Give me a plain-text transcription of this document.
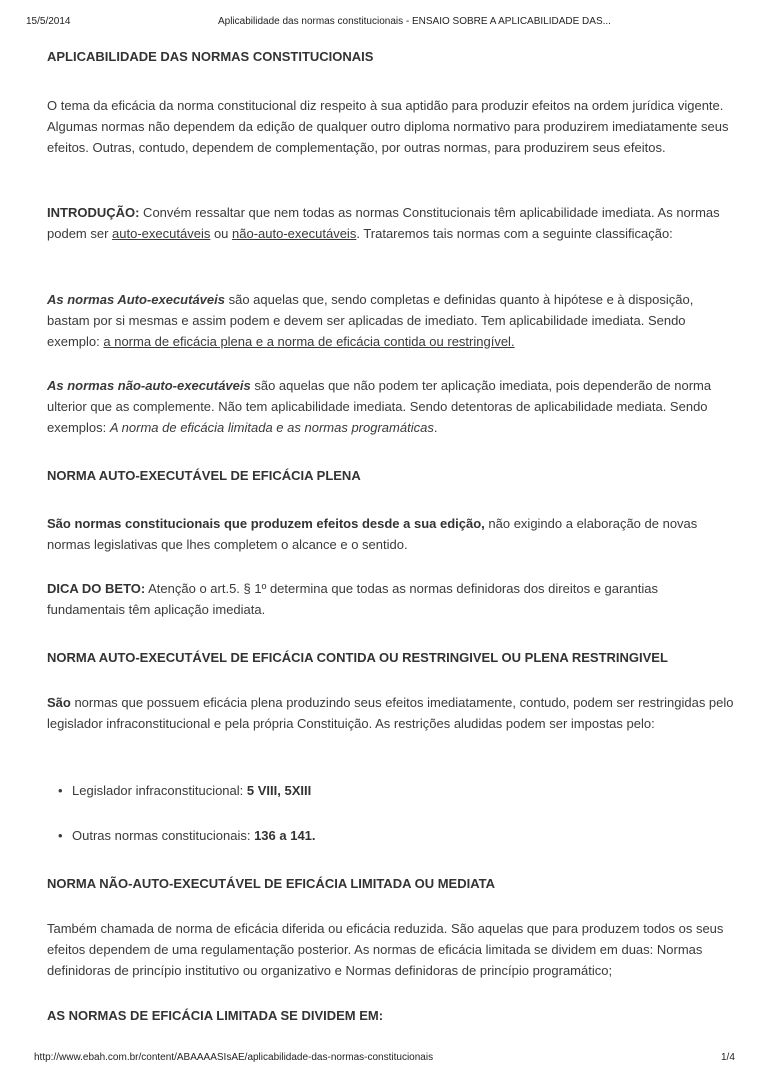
15/5/2014	Aplicabilidade das normas constitucionais - ENSAIO SOBRE A APLICABILIDADE DAS...

APLICABILIDADE DAS NORMAS CONSTITUCIONAIS

O tema da eficácia da norma constitucional diz respeito à sua aptidão para produzir efeitos na ordem jurídica vigente. Algumas normas não dependem da edição de qualquer outro diploma normativo para produzirem imediatamente seus efeitos. Outras, contudo, dependem de complementação, por outras normas, para produzirem seus efeitos.

INTRODUÇÃO: Convém ressaltar que nem todas as normas Constitucionais têm aplicabilidade imediata. As normas podem ser auto-executáveis ou não-auto-executáveis. Trataremos tais normas com a seguinte classificação:

As normas Auto-executáveis são aquelas que, sendo completas e definidas quanto à hipótese e à disposição, bastam por si mesmas e assim podem e devem ser aplicadas de imediato. Tem aplicabilidade imediata. Sendo exemplo: a norma de eficácia plena e a norma de eficácia contida ou restringível.

As normas não-auto-executáveis são aquelas que não podem ter aplicação imediata, pois dependerão de norma ulterior que as complemente. Não tem aplicabilidade imediata. Sendo detentoras de aplicabilidade mediata. Sendo exemplos: A norma de eficácia limitada e as normas programáticas.

NORMA AUTO-EXECUTÁVEL DE EFICÁCIA PLENA

São normas constitucionais que produzem efeitos desde a sua edição, não exigindo a elaboração de novas normas legislativas que lhes completem o alcance e o sentido.

DICA DO BETO: Atenção o art.5. § 1º determina que todas as normas definidoras dos direitos e garantias fundamentais têm aplicação imediata.

NORMA AUTO-EXECUTÁVEL DE EFICÁCIA CONTIDA OU RESTRINGIVEL OU PLENA RESTRINGIVEL

São normas que possuem eficácia plena produzindo seus efeitos imediatamente, contudo, podem ser restringidas pelo legislador infraconstitucional e pela própria Constituição. As restrições aludidas podem ser impostas pelo:

• Legislador infraconstitucional: 5 VIII, 5XIII
• Outras normas constitucionais: 136 a 141.

NORMA NÃO-AUTO-EXECUTÁVEL DE EFICÁCIA LIMITADA OU MEDIATA

Também chamada de norma de eficácia diferida ou eficácia reduzida. São aquelas que para produzem todos os seus efeitos dependem de uma regulamentação posterior. As normas de eficácia limitada se dividem em duas: Normas definidoras de princípio institutivo ou organizativo e Normas definidoras de princípio programático;

AS NORMAS DE EFICÁCIA LIMITADA SE DIVIDEM EM:

http://www.ebah.com.br/content/ABAAAASIsAE/aplicabilidade-das-normas-constitucionais	1/4
